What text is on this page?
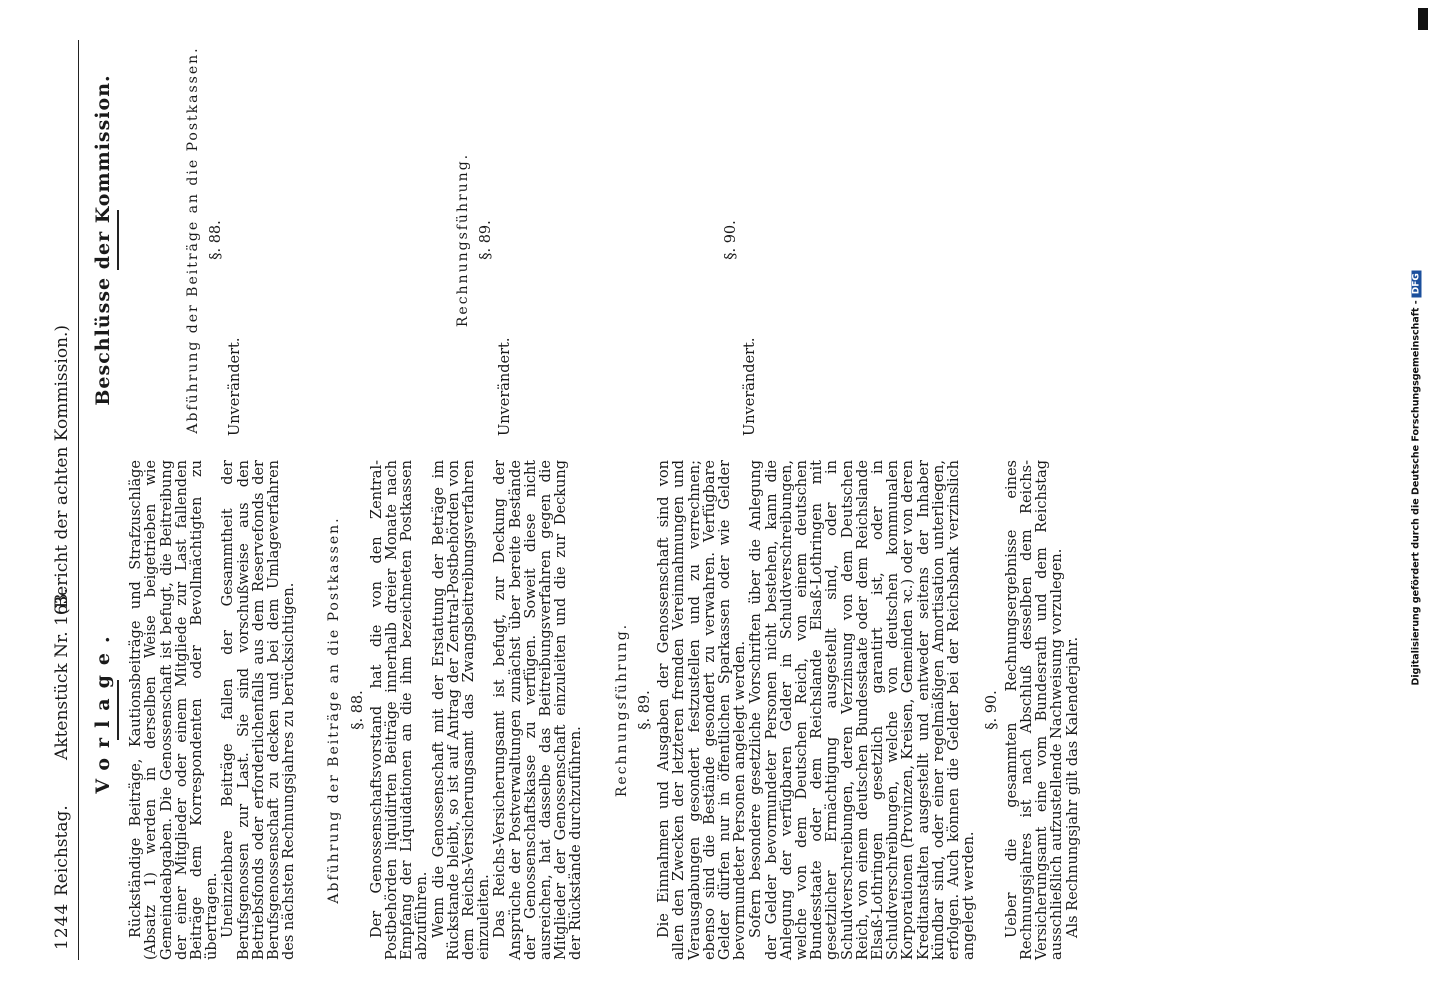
1244
Reichstag.
Aktenstück Nr. 163.
(Bericht der achten Kommission.)
Vorlage. Rückständige Beiträge, Kautionsbeiträge und Strafzuschläge (Absatz 1) werden in derselben Weise beigetrieben wie Gemeindeabgaben. Die Genossenschaft ist befugt, die Beitreibung der einer Mitglieder oder einem Mitgliede zur Last fallenden Beiträge dem Korrespondenten oder Bevollmächtigten zu übertragen. Uneinziehbare Beiträge fallen der Gesammtheit der Berufsgenossen zur Last. Sie sind vorschußweise aus den Betriebsfonds oder erforderlichenfalls aus dem Reservefonds der Berufsgenossenschaft zu decken und bei dem Umlageverfahren des nächsten Rechnungsjahres zu berücksichtigen. Abführung der Beiträge an die Postkassen. §. 88. Der Genossenschaftsvorstand hat die von den Zentral-Postbehörden liquidirten Beiträge innerhalb dreier Monate nach Empfang der Liquidationen an die ihm bezeichneten Postkassen abzuführen. Wenn die Genossenschaft mit der Erstattung der Beträge im Rückstande bleibt, so ist auf Antrag der Zentral-Postbehörden von dem Reichs-Versicherungsamt das Zwangsbeitreibungsverfahren einzuleiten. Das Reichs-Versicherungsamt ist befugt, zur Deckung der Ansprüche der Postverwaltungen zunächst über bereite Bestände der Genossenschaftskasse zu verfügen. Soweit diese nicht ausreichen, hat dasselbe das Beitreibungsverfahren gegen die Mitglieder der Genossenschaft einzuleiten und die zur Deckung der Rückstände durchzuführen.

Rechnungsführung. §. 89. Die Einnahmen und Ausgaben der Genossenschaft sind von allen den Zwecken der letzteren fremden Vereinnahmungen und Verausgabungen gesondert festzustellen und zu verrechnen; ebenso sind die Bestände gesondert zu verwahren. Verfügbare Gelder dürfen nur in öffentlichen Sparkassen oder wie Gelder bevormundeter Personen angelegt werden. Sofern besondere gesetzliche Vorschriften über die Anlegung der Gelder bevormundeter Personen nicht bestehen, kann die Anlegung der verfügbaren Gelder in Schuldverschreibungen, welche von dem Deutschen Reich, von einem deutschen Bundesstaate oder dem Reichslande Elsaß-Lothringen mit gesetzlicher Ermächtigung ausgestellt sind, oder in Schuldverschreibungen, deren Verzinsung von dem Deutschen Reich, von einem deutschen Bundesstaate oder dem Reichslande Elsaß-Lothringen gesetzlich garantirt ist, oder in Schuldverschreibungen, welche von deutschen kommunalen Korporationen (Provinzen, Kreisen, Gemeinden ꝛc.) oder von deren Kreditanstalten ausgestellt und entweder seitens der Inhaber kündbar sind, oder einer regelmäßigen Amortisation unterliegen, erfolgen. Auch können die Gelder bei der Reichsbank verzinslich angelegt werden.

§. 90. Ueber die gesammten Rechnungsergebnisse eines Rechnungsjahres ist nach Abschluß desselben dem Reichs-Versicherungsamt eine vom Bundesrath und dem Reichstag ausschließlich aufzustellende Nachweisung vorzulegen. Als Rechnungsjahr gilt das Kalenderjahr.

Beschlüsse der Kommission.	Abführung der Beiträge an die Postkassen. §. 88.
Unverändert.
Rechnungsführung. §. 89.
Unverändert.
§. 90.
Unverändert.	Digitalisierung gefördert durch die Deutsche Forschungsgemeinschaft -DFG
